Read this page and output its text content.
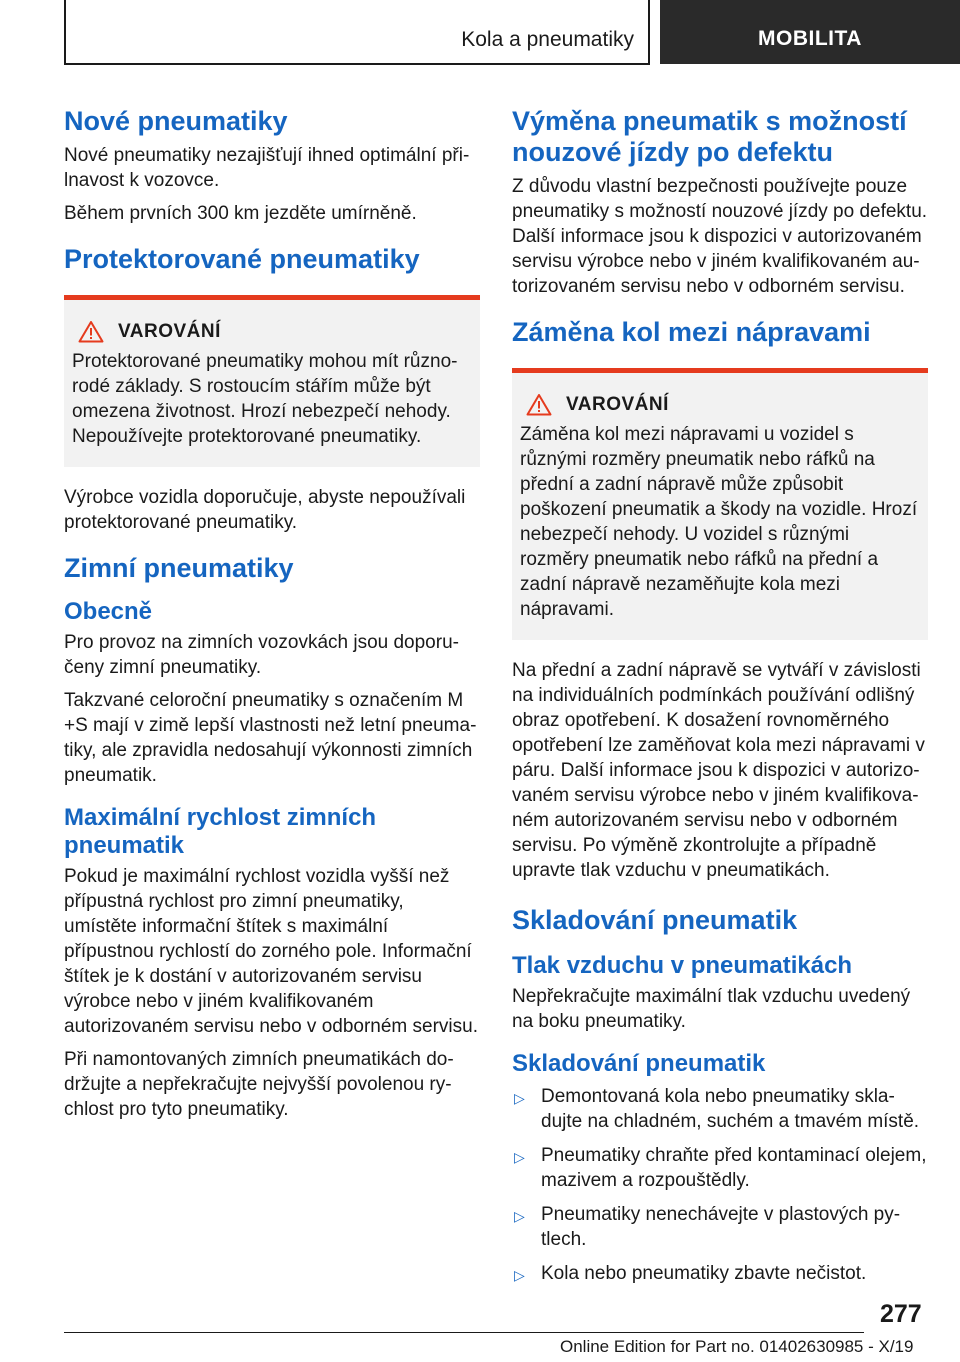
Kola a pneumatiky	MOBILITA
Nové pneumatiky

Nové pneumatiky nezajišťují ihned optimální přilnavost k vozovce.

Během prvních 300 km jezděte umírněně.

Protektorované pneumatiky
VAROVÁNÍ

Protektorované pneumatiky mohou mít různorodé základy. S rostoucím stářím může být omezena životnost. Hrozí nebezpečí nehody. Nepoužívejte protektorované pneumatiky.

Výrobce vozidla doporučuje, abyste nepoužívali protektorované pneumatiky.

Zimní pneumatiky
Obecně

Pro provoz na zimních vozovkách jsou doporučeny zimní pneumatiky.

Takzvané celoroční pneumatiky s označením M +S mají v zimě lepší vlastnosti než letní pneumatiky, ale zpravidla nedosahují výkonnosti zimních pneumatik.

Maximální rychlost zimních pneumatik

Pokud je maximální rychlost vozidla vyšší než přípustná rychlost pro zimní pneumatiky, umístěte informační štítek s maximální přípustnou rychlostí do zorného pole. Informační štítek je k dostání v autorizovaném servisu výrobce nebo v jiném kvalifikovaném autorizovaném servisu nebo v odborném servisu.

Při namontovaných zimních pneumatikách dodržujte a nepřekračujte nejvyšší povolenou rychlost pro tyto pneumatiky.

Výměna pneumatik s možností nouzové jízdy po defektu

Z důvodu vlastní bezpečnosti používejte pouze pneumatiky s možností nouzové jízdy po defektu. Další informace jsou k dispozici v autorizovaném servisu výrobce nebo v jiném kvalifikovaném autorizovaném servisu nebo v odborném servisu.

Záměna kol mezi nápravami
VAROVÁNÍ

Záměna kol mezi nápravami u vozidel s různými rozměry pneumatik nebo ráfků na přední a zadní nápravě může způsobit poškození pneumatik a škody na vozidle. Hrozí nebezpečí nehody. U vozidel s různými rozměry pneumatik nebo ráfků na přední a zadní nápravě nezaměňujte kola mezi nápravami.

Na přední a zadní nápravě se vytváří v závislosti na individuálních podmínkách používání odlišný obraz opotřebení. K dosažení rovnoměrného opotřebení lze zaměňovat kola mezi nápravami v páru. Další informace jsou k dispozici v autorizovaném servisu výrobce nebo v jiném kvalifikovaném autorizovaném servisu nebo v odborném servisu. Po výměně zkontrolujte a případně upravte tlak vzduchu v pneumatikách.

Skladování pneumatik
Tlak vzduchu v pneumatikách

Nepřekračujte maximální tlak vzduchu uvedený na boku pneumatiky.

Skladování pneumatik
▷ Demontovaná kola nebo pneumatiky skladujte na chladném, suchém a tmavém místě.
▷ Pneumatiky chraňte před kontaminací olejem, mazivem a rozpouštědly.
▷ Pneumatiky nenechávejte v plastových pytlech.
▷ Kola nebo pneumatiky zbavte nečistot.
277
Online Edition for Part no. 01402630985 - X/19
